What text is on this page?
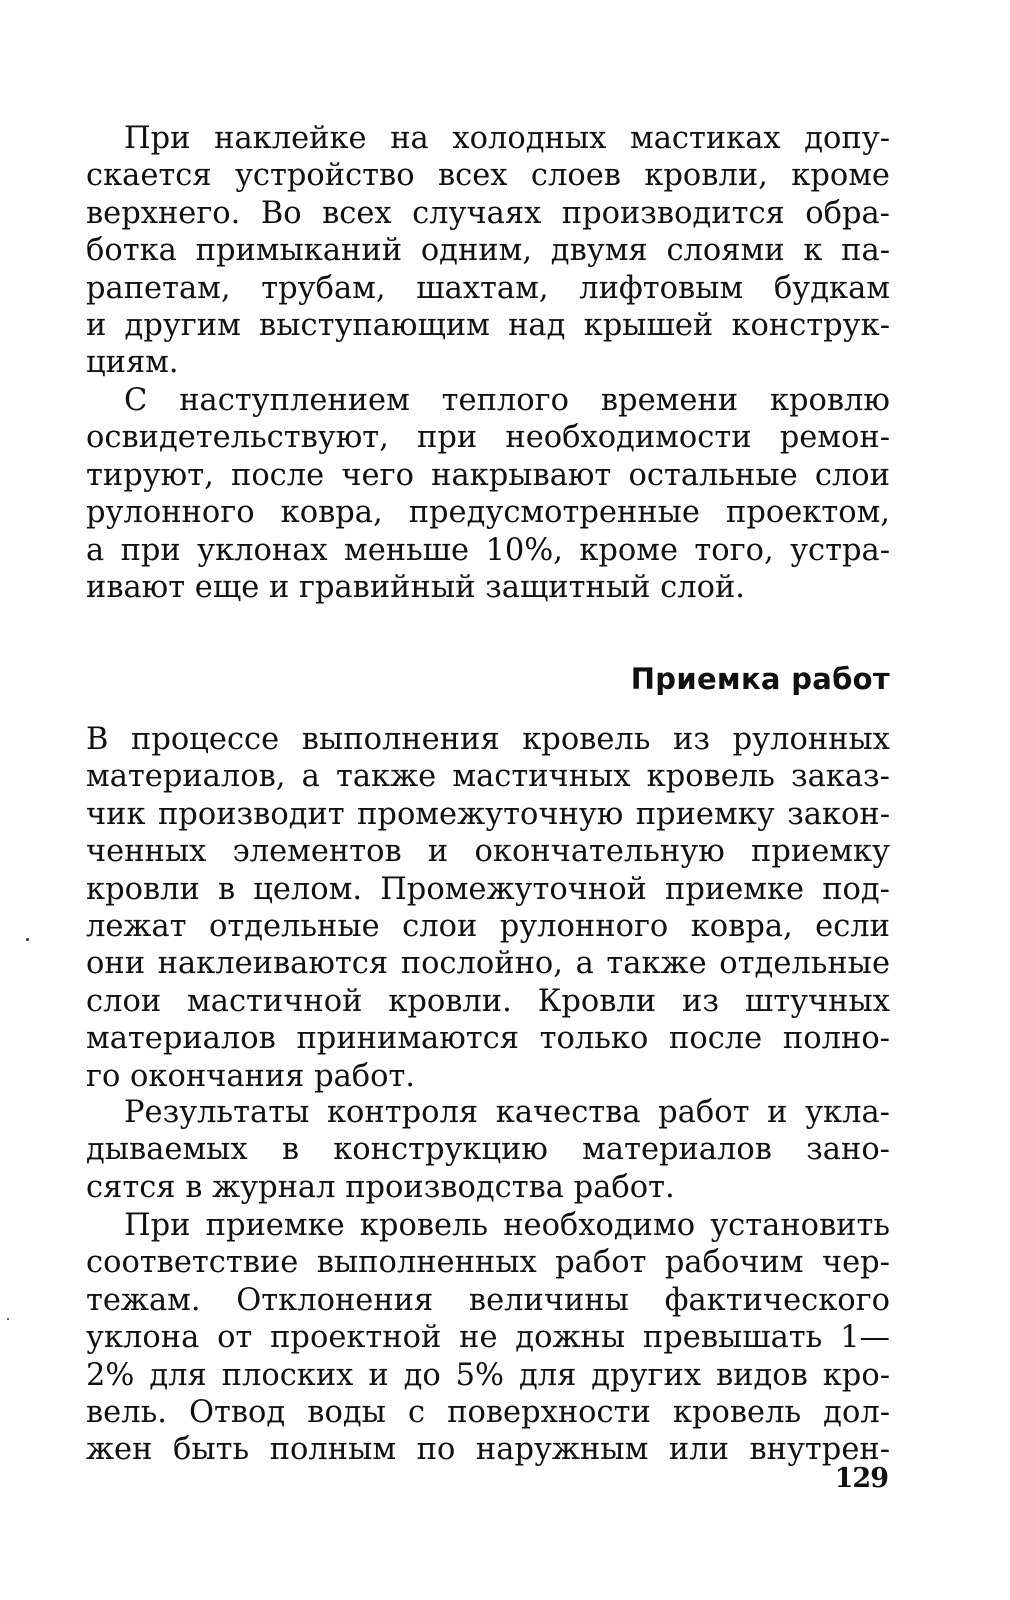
При наклейке на холодных мастиках допу-
скается устройство всех слоев кровли, кроме
верхнего. Во всех случаях производится обра-
ботка примыканий одним, двумя слоями к па-
рапетам, трубам, шахтам, лифтовым будкам
и другим выступающим над крышей конструк-
циям.

С наступлением теплого времени кровлю
освидетельствуют, при необходимости ремон-
тируют, после чего накрывают остальные слои
рулонного ковра, предусмотренные проектом,
а при уклонах меньше 10%, кроме того, устра-
ивают еще и гравийный защитный слой.

Приемка работ

В процессе выполнения кровель из рулонных
материалов, а также мастичных кровель заказ-
чик производит промежуточную приемку закон-
ченных элементов и окончательную приемку
кровли в целом. Промежуточной приемке под-
лежат отдельные слои рулонного ковра, если
они наклеиваются послойно, а также отдельные
слои мастичной кровли. Кровли из штучных
материалов принимаются только после полно-
го окончания работ.

Результаты контроля качества работ и укла-
дываемых в конструкцию материалов зано-
сятся в журнал производства работ.

При приемке кровель необходимо установить
соответствие выполненных работ рабочим чер-
тежам. Отклонения величины фактического
уклона от проектной не дожны превышать 1—
2% для плоских и до 5% для других видов кро-
вель. Отвод воды с поверхности кровель дол-
жен быть полным по наружным или внутрен-

129
